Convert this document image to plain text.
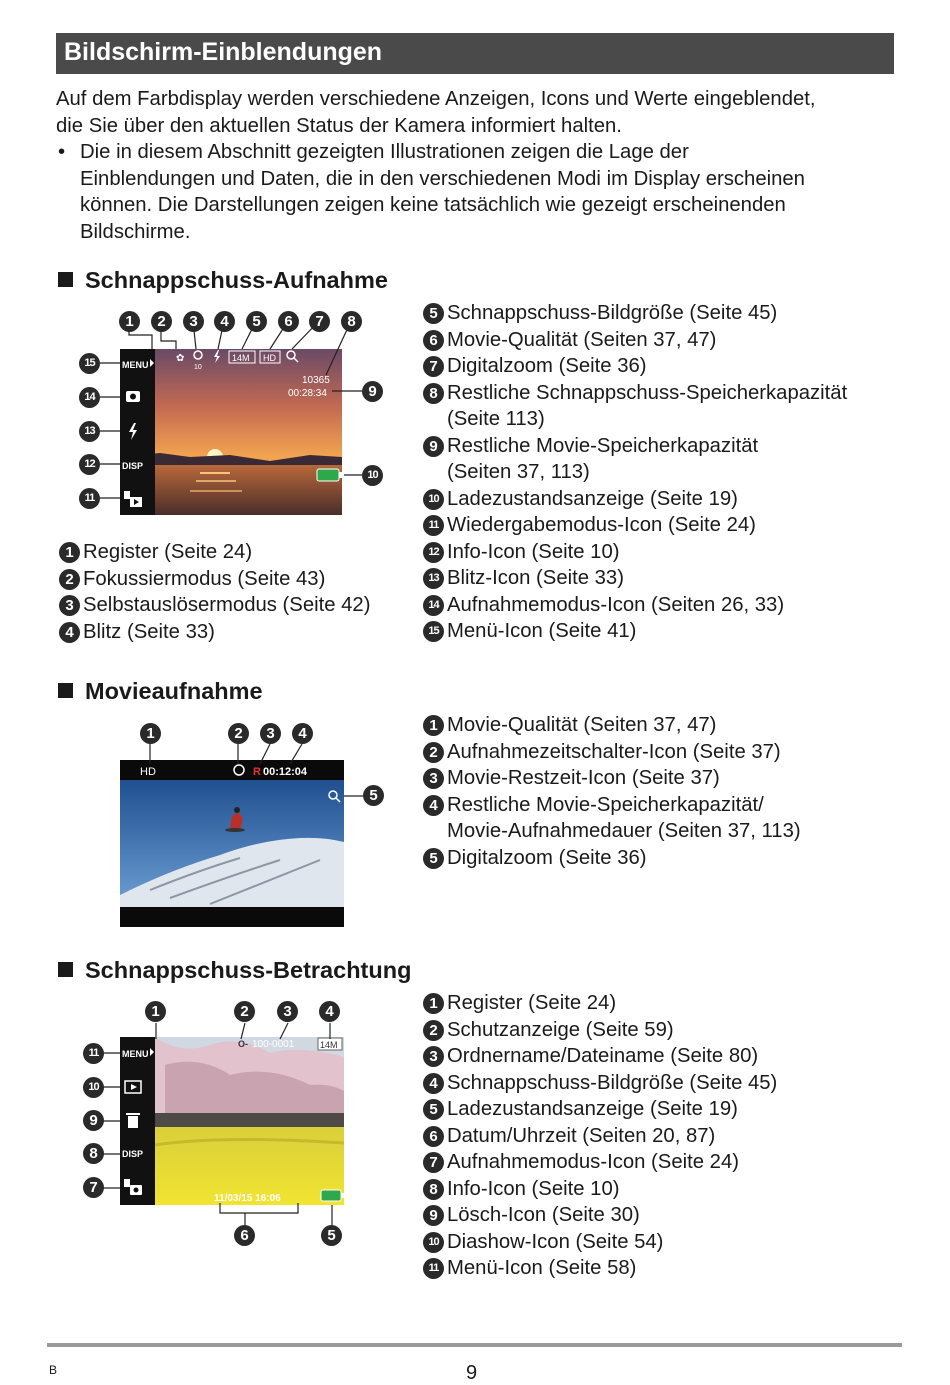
Bildschirm-Einblendungen

Auf dem Farbdisplay werden verschiedene Anzeigen, Icons und Werte eingeblendet,

die Sie über den aktuellen Status der Kamera informiert halten.

• Die in diesem Abschnitt gezeigten Illustrationen zeigen die Lage der
Einblendungen und Daten, die in den verschiedenen Modi im Display erscheinen
können. Die Darstellungen zeigen keine tatsächlich wie gezeigt erscheinenden
Bildschirme.
Schnappschuss-Aufnahme
MENU
DISP
✿
10
14M HD
10365
00:28:34
1	2	3	4	5	6	7	8
9
10
15
14
13
12
11
1 Register (Seite 24)
2 Fokussiermodus (Seite 43)
3 Selbstauslösermodus (Seite 42)
4 Blitz (Seite 33)
5 Schnappschuss-Bildgröße (Seite 45)
6 Movie-Qualität (Seiten 37, 47)
7 Digitalzoom (Seite 36)
8 Restliche Schnappschuss-Speicherkapazität
(Seite 113)
9 Restliche Movie-Speicherkapazität
(Seiten 37, 113)
10 Ladezustandsanzeige (Seite 19)
11 Wiedergabemodus-Icon (Seite 24)
12 Info-Icon (Seite 10)
13 Blitz-Icon (Seite 33)
14 Aufnahmemodus-Icon (Seiten 26, 33)
15 Menü-Icon (Seite 41)
Movieaufnahme
HD	R 00:12:04
1	2	3	4
5
1 Movie-Qualität (Seiten 37, 47)
2 Aufnahmezeitschalter-Icon (Seite 37)
3 Movie-Restzeit-Icon (Seite 37)
4 Restliche Movie-Speicherkapazität/
Movie-Aufnahmedauer (Seiten 37, 113)
5 Digitalzoom (Seite 36)
Schnappschuss-Betrachtung
MENU
DISP
O- 100-0001	14M
11/03/15 16:06
1	2	3	4
11
10
9
8
7
6	5
1 Register (Seite 24)
2 Schutzanzeige (Seite 59)
3 Ordnername/Dateiname (Seite 80)
4 Schnappschuss-Bildgröße (Seite 45)
5 Ladezustandsanzeige (Seite 19)
6 Datum/Uhrzeit (Seiten 20, 87)
7 Aufnahmemodus-Icon (Seite 24)
8 Info-Icon (Seite 10)
9 Lösch-Icon (Seite 30)
10 Diashow-Icon (Seite 54)
11 Menü-Icon (Seite 58)
B	9
